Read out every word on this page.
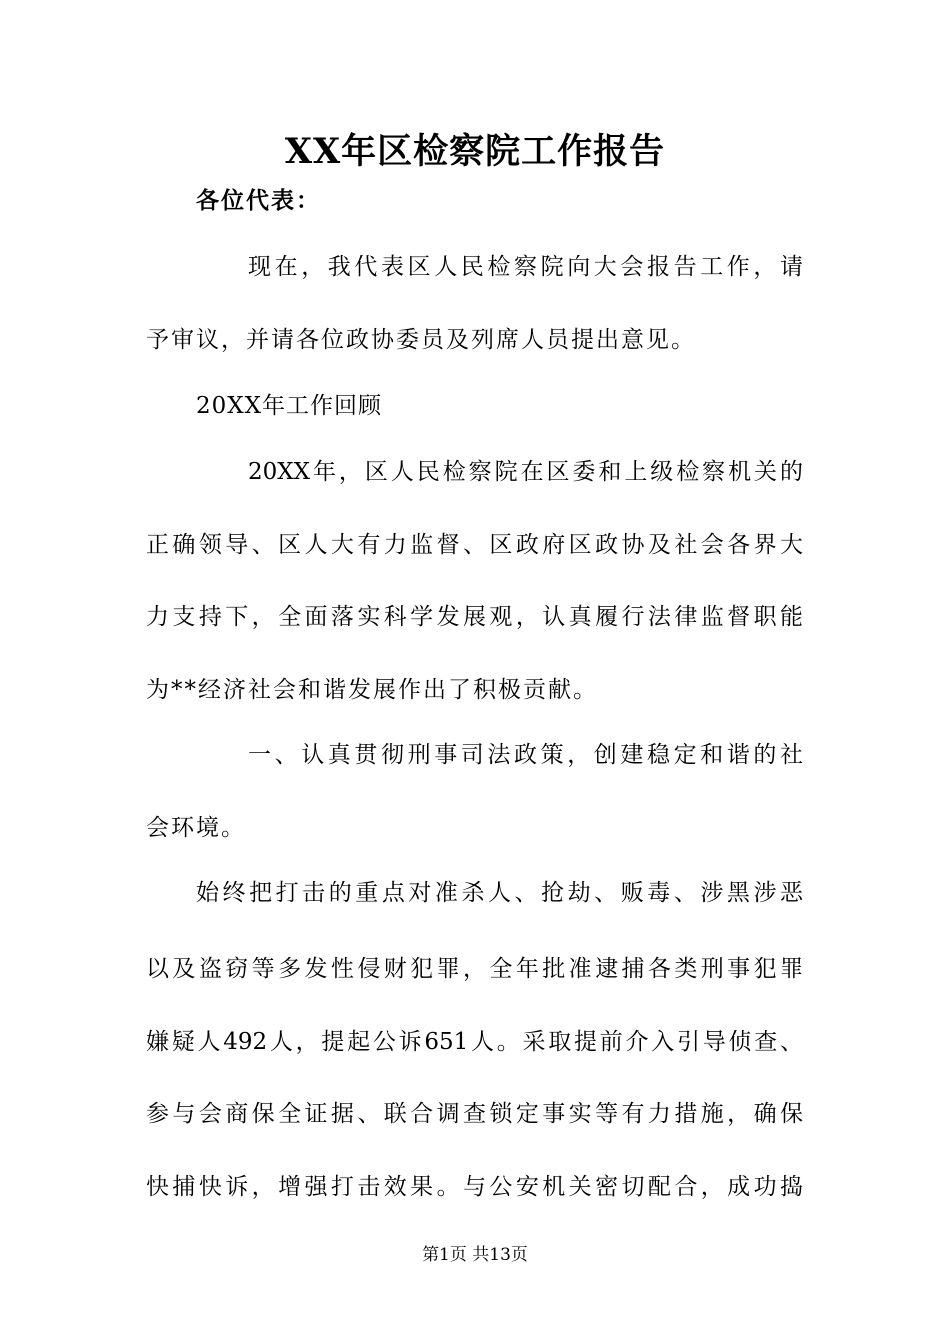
XX年区检察院工作报告
各位代表：
现在，我代表区人民检察院向大会报告工作，请
予审议，并请各位政协委员及列席人员提出意见。
20XX年工作回顾
20XX年，区人民检察院在区委和上级检察机关的
正确领导、区人大有力监督、区政府区政协及社会各界大
力支持下，全面落实科学发展观，认真履行法律监督职能
为**经济社会和谐发展作出了积极贡献。
一、认真贯彻刑事司法政策，创建稳定和谐的社
会环境。
始终把打击的重点对准杀人、抢劫、贩毒、涉黑涉恶
以及盗窃等多发性侵财犯罪，全年批准逮捕各类刑事犯罪
嫌疑人492人，提起公诉651人。采取提前介入引导侦查、
参与会商保全证据、联合调查锁定事实等有力措施，确保
快捕快诉，增强打击效果。与公安机关密切配合，成功捣
第1页 共13页
